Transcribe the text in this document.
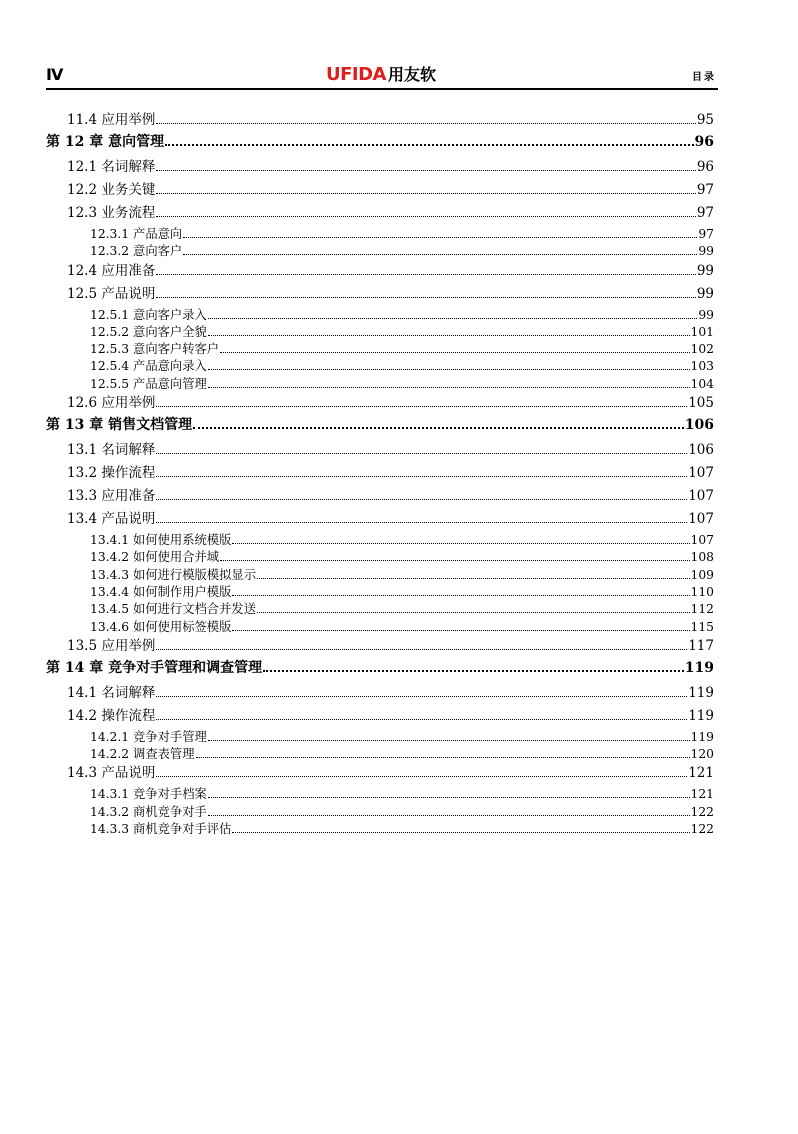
IV	UFIDA 用友软	目录
11.4 应用举例	95
第 12 章 意向管理	96
12.1 名词解释	96
12.2 业务关键	97
12.3 业务流程	97
12.3.1 产品意向	97
12.3.2 意向客户	99
12.4 应用准备	99
12.5 产品说明	99
12.5.1 意向客户录入	99
12.5.2 意向客户全貌	101
12.5.3 意向客户转客户	102
12.5.4 产品意向录入	103
12.5.5 产品意向管理	104
12.6 应用举例	105
第 13 章 销售文档管理	106
13.1 名词解释	106
13.2 操作流程	107
13.3 应用准备	107
13.4 产品说明	107
13.4.1 如何使用系统模版	107
13.4.2 如何使用合并域	108
13.4.3 如何进行模版模拟显示	109
13.4.4 如何制作用户模版	110
13.4.5 如何进行文档合并发送	112
13.4.6 如何使用标签模版	115
13.5 应用举例	117
第 14 章 竞争对手管理和调查管理	119
14.1 名词解释	119
14.2 操作流程	119
14.2.1 竞争对手管理	119
14.2.2 调查表管理	120
14.3 产品说明	121
14.3.1 竞争对手档案	121
14.3.2 商机竞争对手	122
14.3.3 商机竞争对手评估	122
